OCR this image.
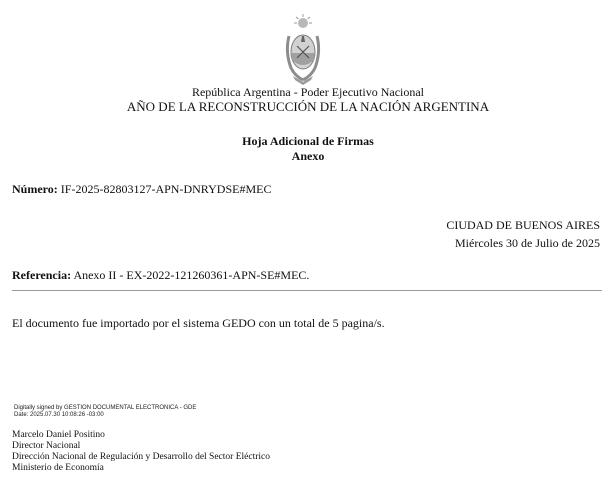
República Argentina - Poder Ejecutivo Nacional
AÑO DE LA RECONSTRUCCIÓN DE LA NACIÓN ARGENTINA
Hoja Adicional de Firmas
Anexo
Número: IF-2025-82803127-APN-DNRYDSE#MEC
CIUDAD DE BUENOS AIRES
Miércoles 30 de Julio de 2025
Referencia: Anexo II - EX-2022-121260361-APN-SE#MEC.
El documento fue importado por el sistema GEDO con un total de 5 pagina/s.
Digitally signed by GESTION DOCUMENTAL ELECTRONICA - GDE
Date: 2025.07.30 10:08:26 -03:00
Marcelo Daniel Positino
Director Nacional
Dirección Nacional de Regulación y Desarrollo del Sector Eléctrico
Ministerio de Economía
